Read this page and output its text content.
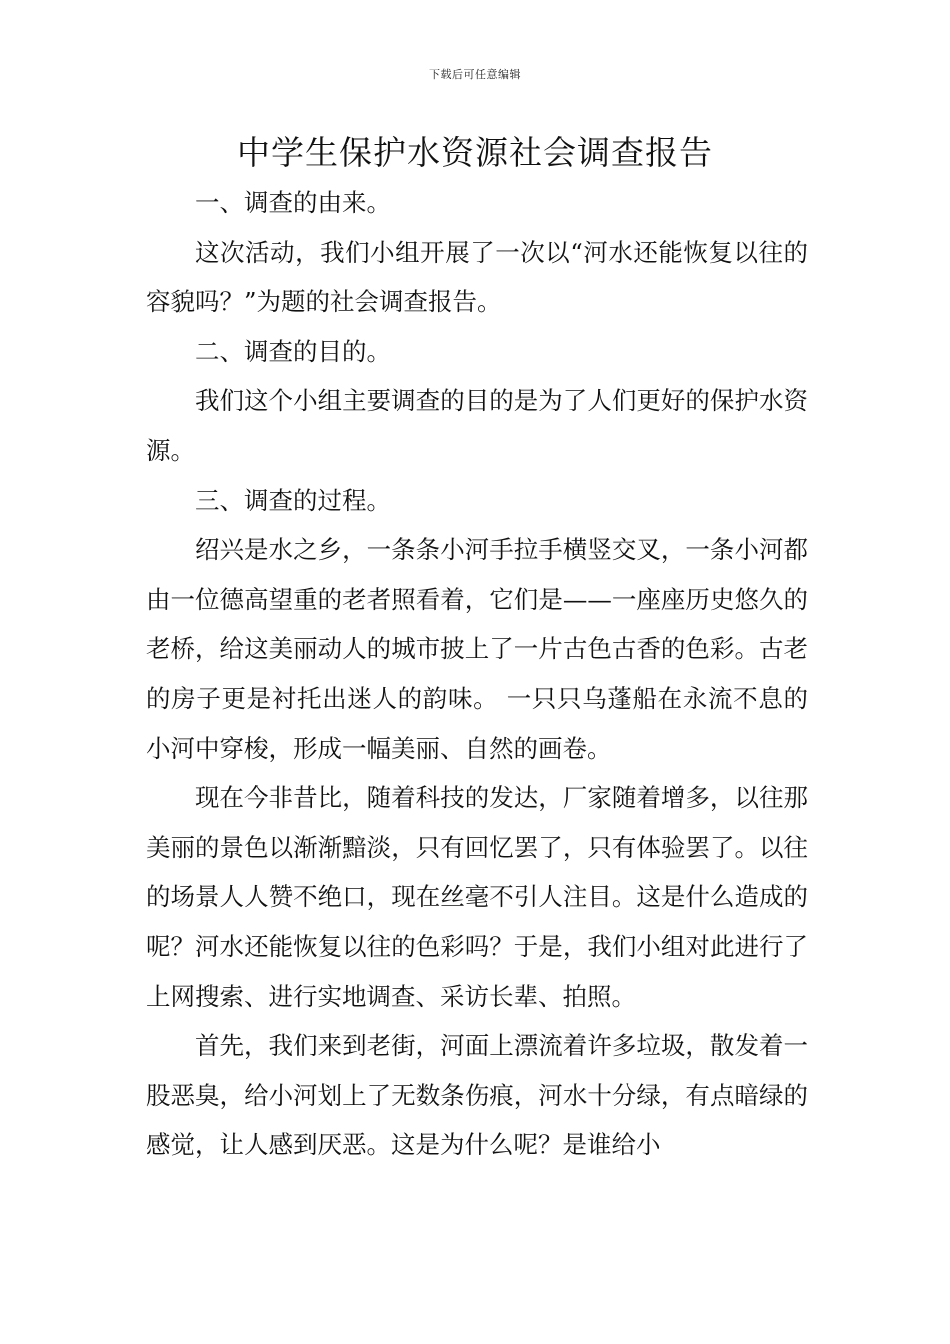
下载后可任意编辑
中学生保护水资源社会调查报告

一、调查的由来。

这次活动，我们小组开展了一次以“河水还能恢复以往的容貌吗？”为题的社会调查报告。

二、调查的目的。

我们这个小组主要调查的目的是为了人们更好的保护水资源。

三、调查的过程。

绍兴是水之乡，一条条小河手拉手横竖交叉，一条小河都由一位德高望重的老者照看着，它们是——一座座历史悠久的老桥，给这美丽动人的城市披上了一片古色古香的色彩。古老的房子更是衬托出迷人的韵味。 一只只乌蓬船在永流不息的小河中穿梭，形成一幅美丽、自然的画卷。

现在今非昔比，随着科技的发达，厂家随着增多，以往那美丽的景色以渐渐黯淡，只有回忆罢了，只有体验罢了。以往的场景人人赞不绝口，现在丝毫不引人注目。这是什么造成的呢？河水还能恢复以往的色彩吗？于是，我们小组对此进行了上网搜索、进行实地调查、采访长辈、拍照。

首先，我们来到老街，河面上漂流着许多垃圾，散发着一股恶臭，给小河划上了无数条伤痕，河水十分绿，有点暗绿的感觉，让人感到厌恶。这是为什么呢？是谁给小
